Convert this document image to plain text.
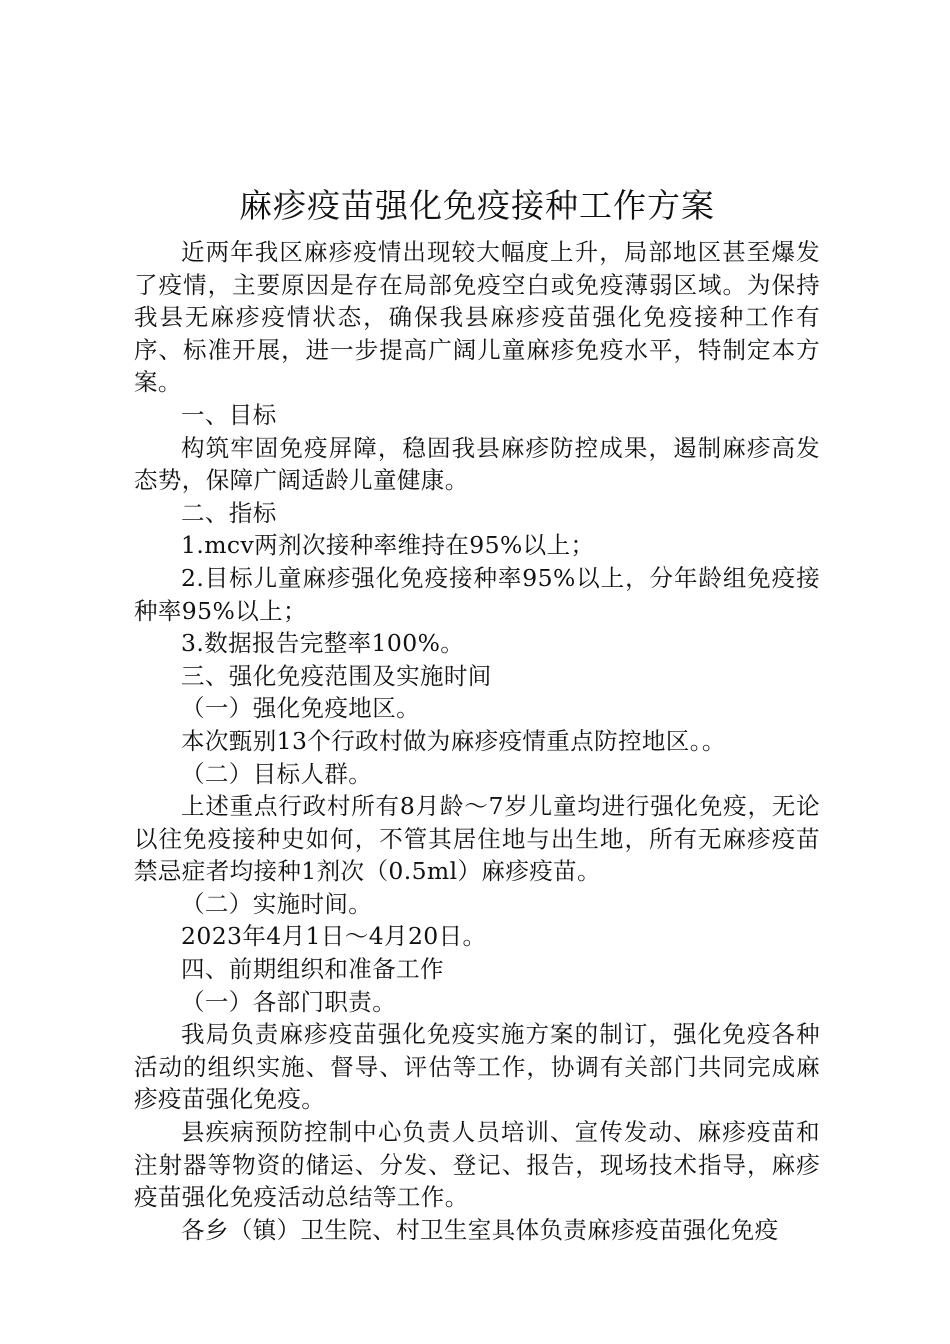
麻疹疫苗强化免疫接种工作方案

近两年我区麻疹疫情出现较大幅度上升，局部地区甚至爆发了疫情，主要原因是存在局部免疫空白或免疫薄弱区域。为保持我县无麻疹疫情状态，确保我县麻疹疫苗强化免疫接种工作有序、标准开展，进一步提高广阔儿童麻疹免疫水平，特制定本方案。

一、目标

构筑牢固免疫屏障，稳固我县麻疹防控成果，遏制麻疹高发态势，保障广阔适龄儿童健康。

二、指标

1.mcv两剂次接种率维持在95%以上；

2.目标儿童麻疹强化免疫接种率95%以上，分年龄组免疫接种率95%以上；

3.数据报告完整率100%。

三、强化免疫范围及实施时间

（一）强化免疫地区。

本次甄别13个行政村做为麻疹疫情重点防控地区。。

（二）目标人群。

上述重点行政村所有8月龄～7岁儿童均进行强化免疫，无论以往免疫接种史如何，不管其居住地与出生地，所有无麻疹疫苗禁忌症者均接种1剂次（0.5ml）麻疹疫苗。

（二）实施时间。

2023年4月1日～4月20日。

四、前期组织和准备工作

（一）各部门职责。

我局负责麻疹疫苗强化免疫实施方案的制订，强化免疫各种活动的组织实施、督导、评估等工作，协调有关部门共同完成麻疹疫苗强化免疫。

县疾病预防控制中心负责人员培训、宣传发动、麻疹疫苗和注射器等物资的储运、分发、登记、报告，现场技术指导，麻疹疫苗强化免疫活动总结等工作。

各乡（镇）卫生院、村卫生室具体负责麻疹疫苗强化免疫
